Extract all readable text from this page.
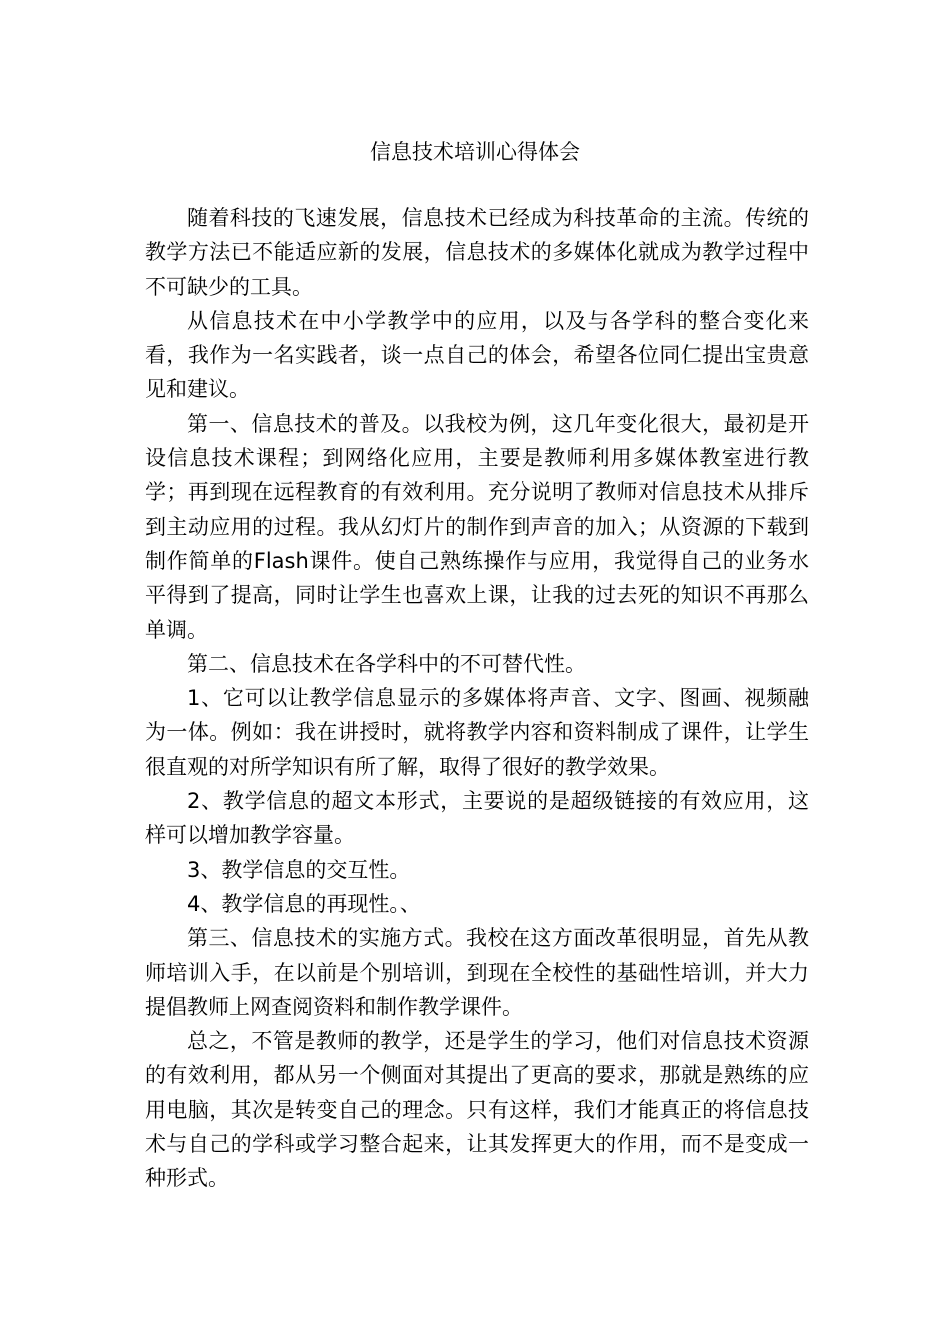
信息技术培训心得体会

随着科技的飞速发展，信息技术已经成为科技革命的主流。传统的教学方法已不能适应新的发展，信息技术的多媒体化就成为教学过程中不可缺少的工具。

从信息技术在中小学教学中的应用，以及与各学科的整合变化来看，我作为一名实践者，谈一点自己的体会，希望各位同仁提出宝贵意见和建议。

第一、信息技术的普及。以我校为例，这几年变化很大，最初是开设信息技术课程；到网络化应用，主要是教师利用多媒体教室进行教学；再到现在远程教育的有效利用。充分说明了教师对信息技术从排斥到主动应用的过程。我从幻灯片的制作到声音的加入；从资源的下载到制作简单的Flash课件。使自己熟练操作与应用，我觉得自己的业务水平得到了提高，同时让学生也喜欢上课，让我的过去死的知识不再那么单调。

第二、信息技术在各学科中的不可替代性。

1、它可以让教学信息显示的多媒体将声音、文字、图画、视频融为一体。例如：我在讲授时，就将教学内容和资料制成了课件，让学生很直观的对所学知识有所了解，取得了很好的教学效果。

2、教学信息的超文本形式，主要说的是超级链接的有效应用，这样可以增加教学容量。

3、教学信息的交互性。

4、教学信息的再现性。、

第三、信息技术的实施方式。我校在这方面改革很明显，首先从教师培训入手，在以前是个别培训，到现在全校性的基础性培训，并大力提倡教师上网查阅资料和制作教学课件。

总之，不管是教师的教学，还是学生的学习，他们对信息技术资源的有效利用，都从另一个侧面对其提出了更高的要求，那就是熟练的应用电脑，其次是转变自己的理念。只有这样，我们才能真正的将信息技术与自己的学科或学习整合起来，让其发挥更大的作用，而不是变成一种形式。
